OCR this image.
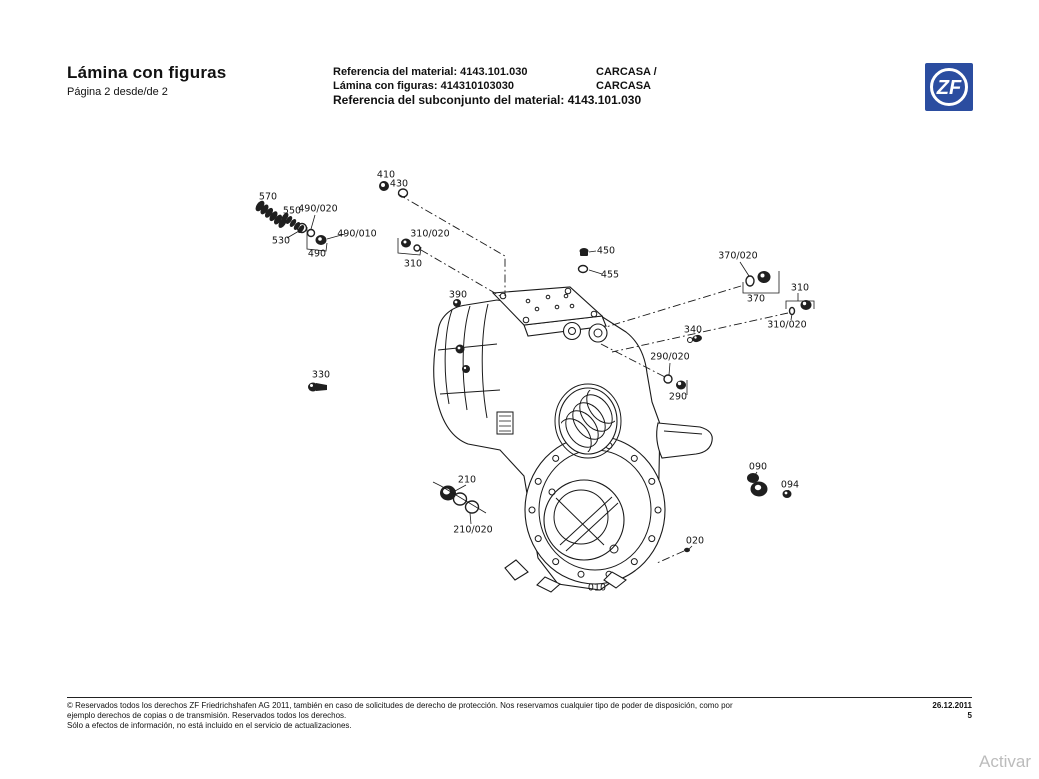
Lámina con figuras
Página 2 desde/de 2
Referencia del material: 4143.101.030
Lámina con figuras: 414310103030
Referencia del subconjunto del material: 4143.101.030
CARCASA /
CARCASA	ZF
410
430
570
550
490/020
530
490/010
490
310/020
310
390
450
455
370/020
370
310
310/020
340
290/020
290
330
210
210/020
090
094
020
010
© Reservados todos los derechos ZF Friedrichshafen AG 2011, también en caso de solicitudes de derecho de protección. Nos reservamos cualquier tipo de poder de disposición, como por
ejemplo derechos de copias o de transmisión. Reservados todos los derechos.
Sólo a efectos de información, no está incluido en el servicio de actualizaciones.
26.12.2011
5
Activar
